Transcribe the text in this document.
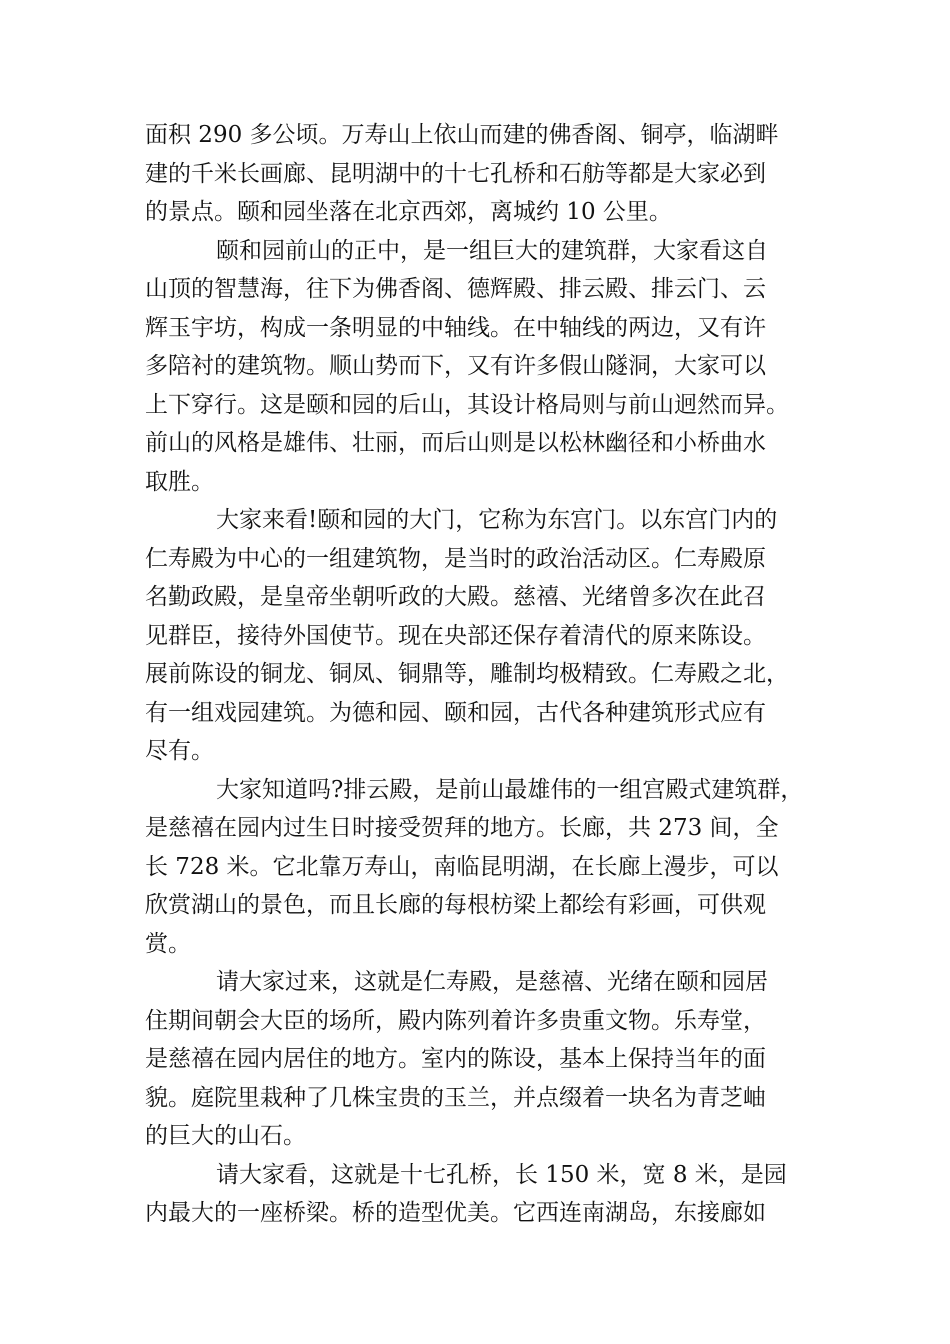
面积 290 多公顷。万寿山上依山而建的佛香阁、铜亭，临湖畔
建的千米长画廊、昆明湖中的十七孔桥和石舫等都是大家必到
的景点。颐和园坐落在北京西郊，离城约 10 公里。
颐和园前山的正中，是一组巨大的建筑群，大家看这自
山顶的智慧海，往下为佛香阁、德辉殿、排云殿、排云门、云
辉玉宇坊，构成一条明显的中轴线。在中轴线的两边，又有许
多陪衬的建筑物。顺山势而下，又有许多假山隧洞，大家可以
上下穿行。这是颐和园的后山，其设计格局则与前山迥然而异。
前山的风格是雄伟、壮丽，而后山则是以松林幽径和小桥曲水
取胜。
大家来看!颐和园的大门，它称为东宫门。以东宫门内的
仁寿殿为中心的一组建筑物，是当时的政治活动区。仁寿殿原
名勤政殿，是皇帝坐朝听政的大殿。慈禧、光绪曾多次在此召
见群臣，接待外国使节。现在央部还保存着清代的原来陈设。
展前陈设的铜龙、铜凤、铜鼎等，雕制均极精致。仁寿殿之北，
有一组戏园建筑。为德和园、颐和园，古代各种建筑形式应有
尽有。
大家知道吗?排云殿，是前山最雄伟的一组宫殿式建筑群，
是慈禧在园内过生日时接受贺拜的地方。长廊，共 273 间，全
长 728 米。它北靠万寿山，南临昆明湖，在长廊上漫步，可以
欣赏湖山的景色，而且长廊的每根枋梁上都绘有彩画，可供观
赏。
请大家过来，这就是仁寿殿，是慈禧、光绪在颐和园居
住期间朝会大臣的场所，殿内陈列着许多贵重文物。乐寿堂，
是慈禧在园内居住的地方。室内的陈设，基本上保持当年的面
貌。庭院里栽种了几株宝贵的玉兰，并点缀着一块名为青芝岫
的巨大的山石。
请大家看，这就是十七孔桥，长 150 米，宽 8 米，是园
内最大的一座桥梁。桥的造型优美。它西连南湖岛，东接廊如
